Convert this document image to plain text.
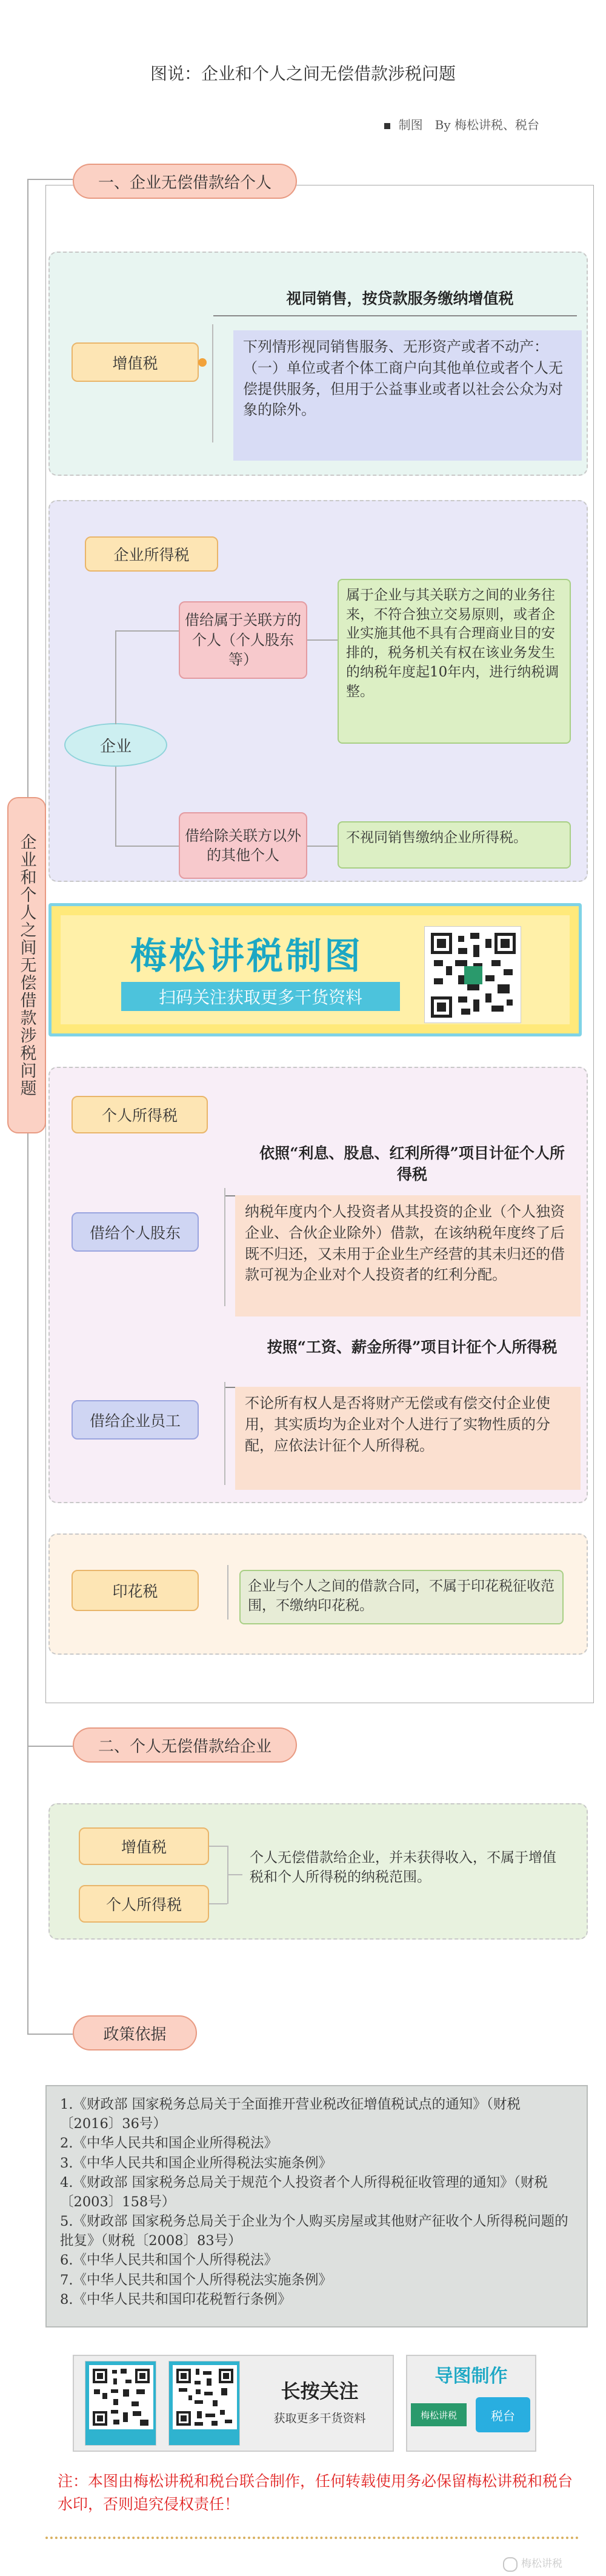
图说：企业和个人之间无偿借款涉税问题
制图　By 梅松讲税、税台
企业和个人之间无偿借款涉税问题
一、企业无偿借款给个人
增值税
视同销售，按贷款服务缴纳增值税
下列情形视同销售服务、无形资产或者不动产：
（一）单位或者个体工商户向其他单位或者个人无偿提供服务，但用于公益事业或者以社会公众为对象的除外。
企业所得税
企业
借给属于关联方的个人（个人股东等）
属于企业与其关联方之间的业务往来，不符合独立交易原则，或者企业实施其他不具有合理商业目的安排的，税务机关有权在该业务发生的纳税年度起10年内，进行纳税调整。
借给除关联方以外的其他个人
不视同销售缴纳企业所得税。
梅松讲税制图
扫码关注获取更多干货资料
个人所得税
借给个人股东
依照“利息、股息、红利所得”项目计征个人所得税
纳税年度内个人投资者从其投资的企业（个人独资企业、合伙企业除外）借款，在该纳税年度终了后既不归还，又未用于企业生产经营的其未归还的借款可视为企业对个人投资者的红利分配。
借给企业员工
按照“工资、薪金所得”项目计征个人所得税
不论所有权人是否将财产无偿或有偿交付企业使用，其实质均为企业对个人进行了实物性质的分配，应依法计征个人所得税。
印花税	企业与个人之间的借款合同，不属于印花税征收范围，不缴纳印花税。
二、个人无偿借款给企业
增值税
个人所得税
个人无偿借款给企业，并未获得收入，不属于增值税和个人所得税的纳税范围。
政策依据

1.《财政部 国家税务总局关于全面推开营业税改征增值税试点的通知》（财税〔2016〕36号）

2.《中华人民共和国企业所得税法》

3.《中华人民共和国企业所得税法实施条例》

4.《财政部 国家税务总局关于规范个人投资者个人所得税征收管理的通知》（财税〔2003〕158号）

5.《财政部 国家税务总局关于企业为个人购买房屋或其他财产征收个人所得税问题的批复》（财税〔2008〕83号）

6.《中华人民共和国个人所得税法》

7.《中华人民共和国个人所得税法实施条例》

8.《中华人民共和国印花税暂行条例》

长按关注
获取更多干货资料
导图制作
梅松讲税	税台
注：本图由梅松讲税和税台联合制作，任何转载使用务必保留梅松讲税和税台水印，否则追究侵权责任！
梅松讲税
